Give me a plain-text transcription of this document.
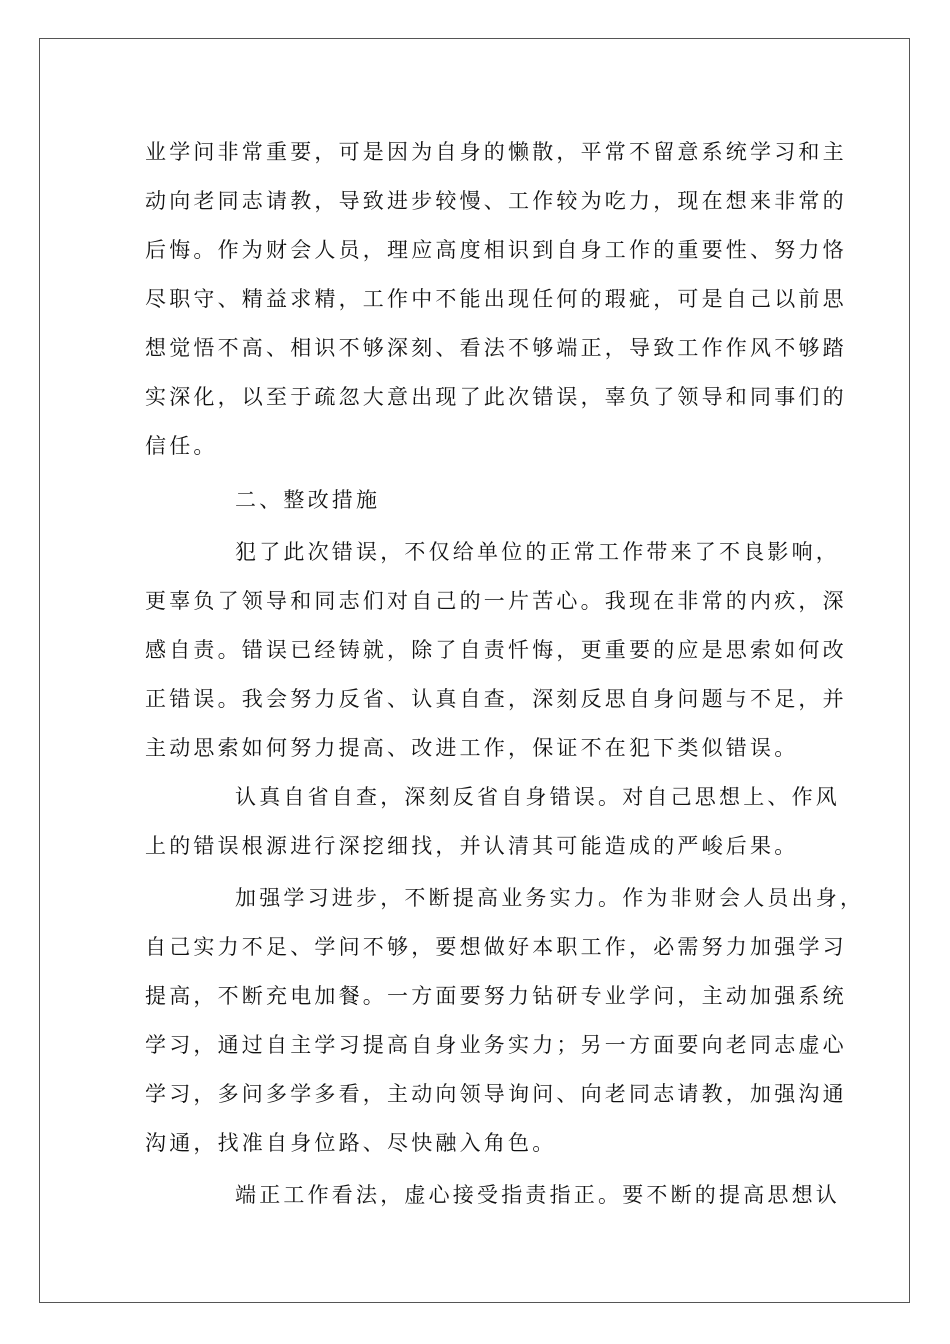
业学问非常重要，可是因为自身的懒散，平常不留意系统学习和主
动向老同志请教，导致进步较慢、工作较为吃力，现在想来非常的
后悔。作为财会人员，理应高度相识到自身工作的重要性、努力恪
尽职守、精益求精，工作中不能出现任何的瑕疵，可是自己以前思
想觉悟不高、相识不够深刻、看法不够端正，导致工作作风不够踏
实深化，以至于疏忽大意出现了此次错误，辜负了领导和同事们的
信任。
二、整改措施
犯了此次错误，不仅给单位的正常工作带来了不良影响，
更辜负了领导和同志们对自己的一片苦心。我现在非常的内疚，深
感自责。错误已经铸就，除了自责忏悔，更重要的应是思索如何改
正错误。我会努力反省、认真自查，深刻反思自身问题与不足，并
主动思索如何努力提高、改进工作，保证不在犯下类似错误。
认真自省自查，深刻反省自身错误。对自己思想上、作风
上的错误根源进行深挖细找，并认清其可能造成的严峻后果。
加强学习进步，不断提高业务实力。作为非财会人员出身，
自己实力不足、学问不够，要想做好本职工作，必需努力加强学习
提高，不断充电加餐。一方面要努力钻研专业学问，主动加强系统
学习，通过自主学习提高自身业务实力；另一方面要向老同志虚心
学习，多问多学多看，主动向领导询问、向老同志请教，加强沟通
沟通，找准自身位路、尽快融入角色。
端正工作看法，虚心接受指责指正。要不断的提高思想认
